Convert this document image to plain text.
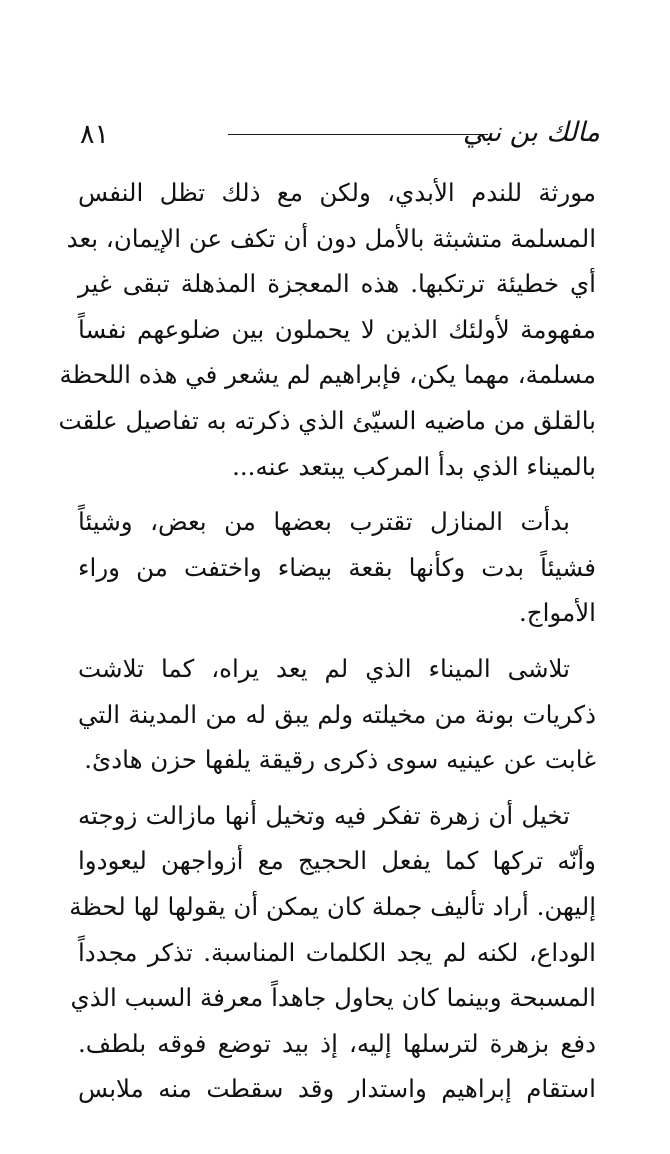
٨١	مالك بن نبي
مورثة للندم الأبدي، ولكن مع ذلك تظل النفس
المسلمة متشبثة بالأمل دون أن تكف عن الإيمان، بعد
أي خطيئة ترتكبها. هذه المعجزة المذهلة تبقى غير
مفهومة لأولئك الذين لا يحملون بين ضلوعهم نفساً
مسلمة، مهما يكن، فإبراهيم لم يشعر في هذه اللحظة
بالقلق من ماضيه السيّئ الذي ذكرته به تفاصيل علقت
بالميناء الذي بدأ المركب يبتعد عنه...
بدأت المنازل تقترب بعضها من بعض، وشيئاً
فشيئاً بدت وكأنها بقعة بيضاء واختفت من وراء
الأمواج.
تلاشى الميناء الذي لم يعد يراه، كما تلاشت
ذكريات بونة من مخيلته ولم يبق له من المدينة التي
غابت عن عينيه سوى ذكرى رقيقة يلفها حزن هادئ.
تخيل أن زهرة تفكر فيه وتخيل أنها مازالت زوجته
وأنّه تركها كما يفعل الحجيج مع أزواجهن ليعودوا
إليهن. أراد تأليف جملة كان يمكن أن يقولها لها لحظة
الوداع، لكنه لم يجد الكلمات المناسبة. تذكر مجدداً
المسبحة وبينما كان يحاول جاهداً معرفة السبب الذي
دفع بزهرة لترسلها إليه، إذ بيد توضع فوقه بلطف.
استقام إبراهيم واستدار وقد سقطت منه ملابس
